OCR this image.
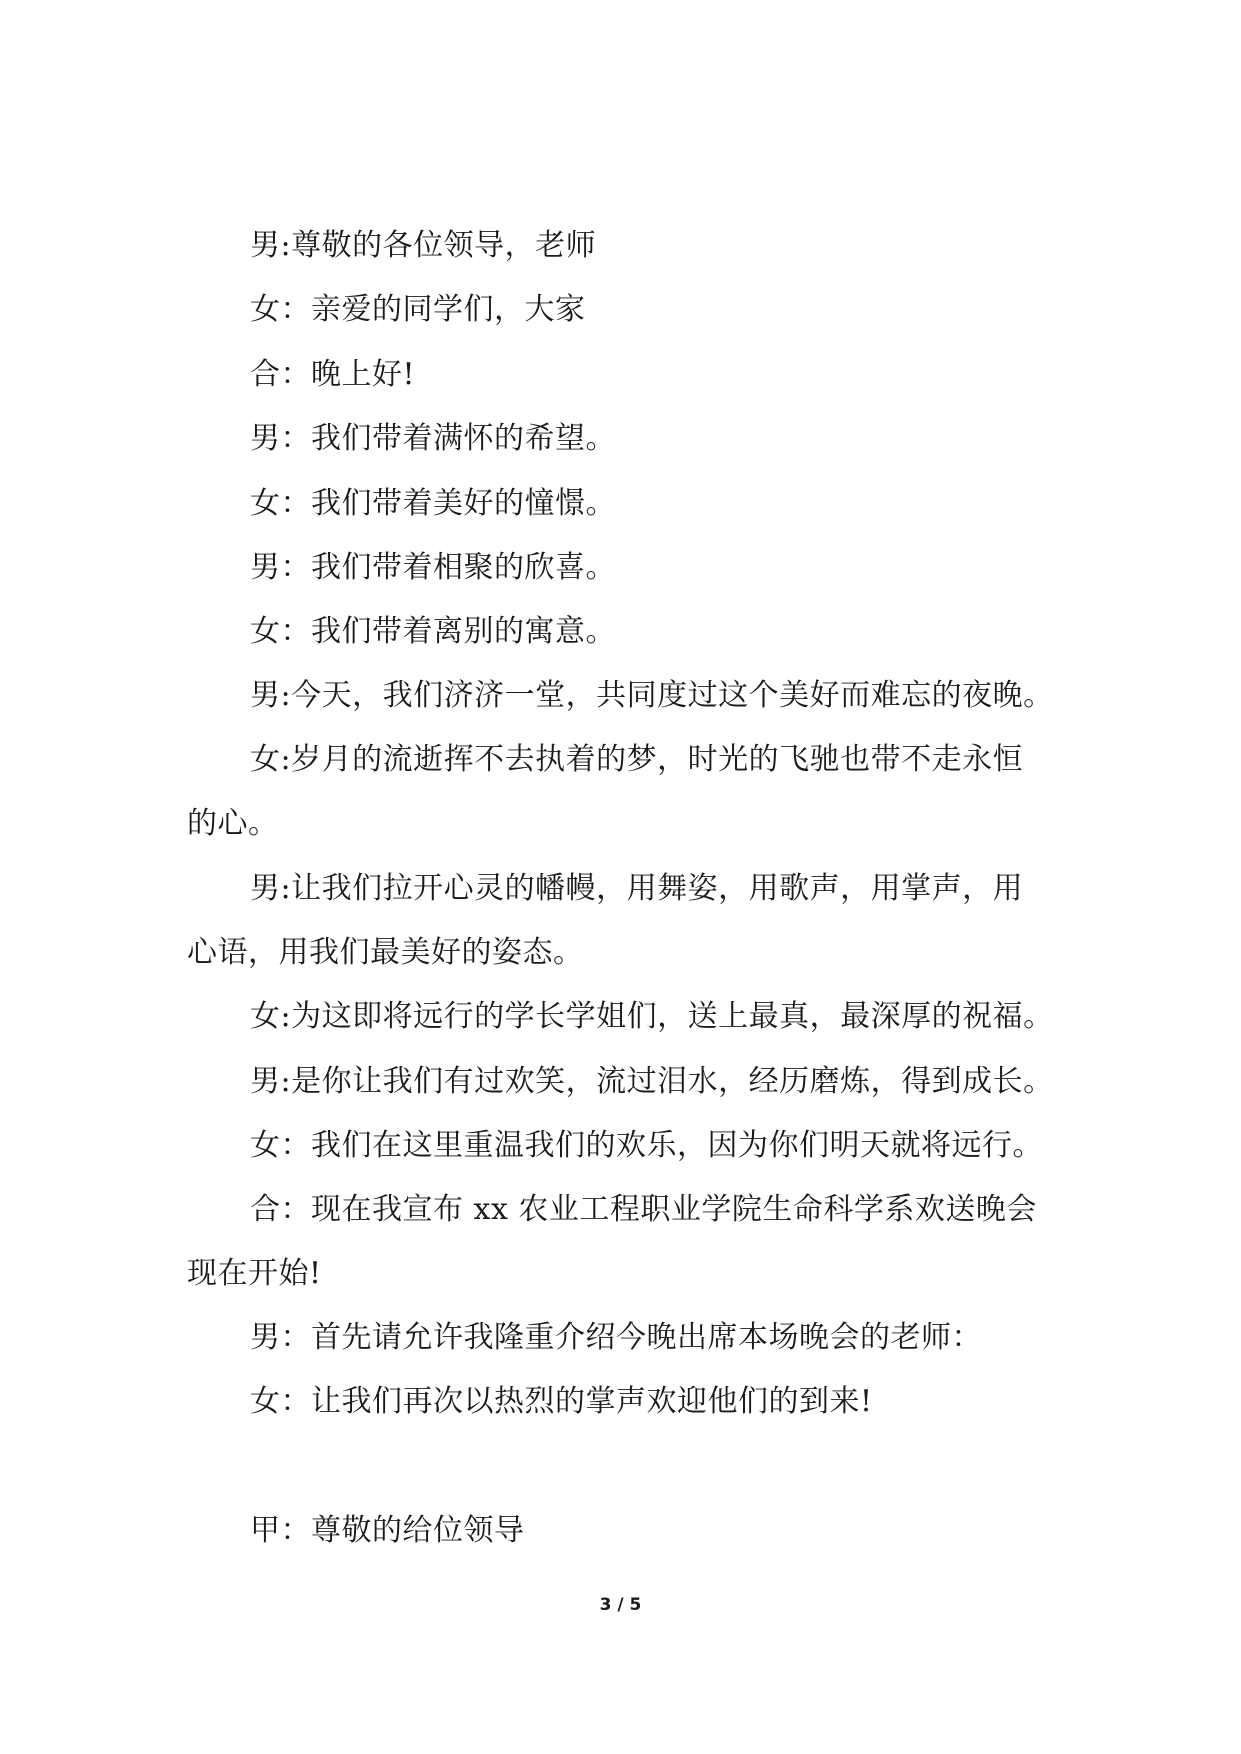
男:尊敬的各位领导，老师
女：亲爱的同学们，大家
合：晚上好!
男：我们带着满怀的希望。
女：我们带着美好的憧憬。
男：我们带着相聚的欣喜。
女：我们带着离别的寓意。
男:今天，我们济济一堂，共同度过这个美好而难忘的夜晚。
女:岁月的流逝挥不去执着的梦，时光的飞驰也带不走永恒
的心。
男:让我们拉开心灵的幡幔，用舞姿，用歌声，用掌声，用
心语，用我们最美好的姿态。
女:为这即将远行的学长学姐们，送上最真，最深厚的祝福。
男:是你让我们有过欢笑，流过泪水，经历磨炼，得到成长。
女：我们在这里重温我们的欢乐，因为你们明天就将远行。
合：现在我宣布 xx 农业工程职业学院生命科学系欢送晚会
现在开始!
男：首先请允许我隆重介绍今晚出席本场晚会的老师：
女：让我们再次以热烈的掌声欢迎他们的到来!
甲：尊敬的给位领导
3 / 5
